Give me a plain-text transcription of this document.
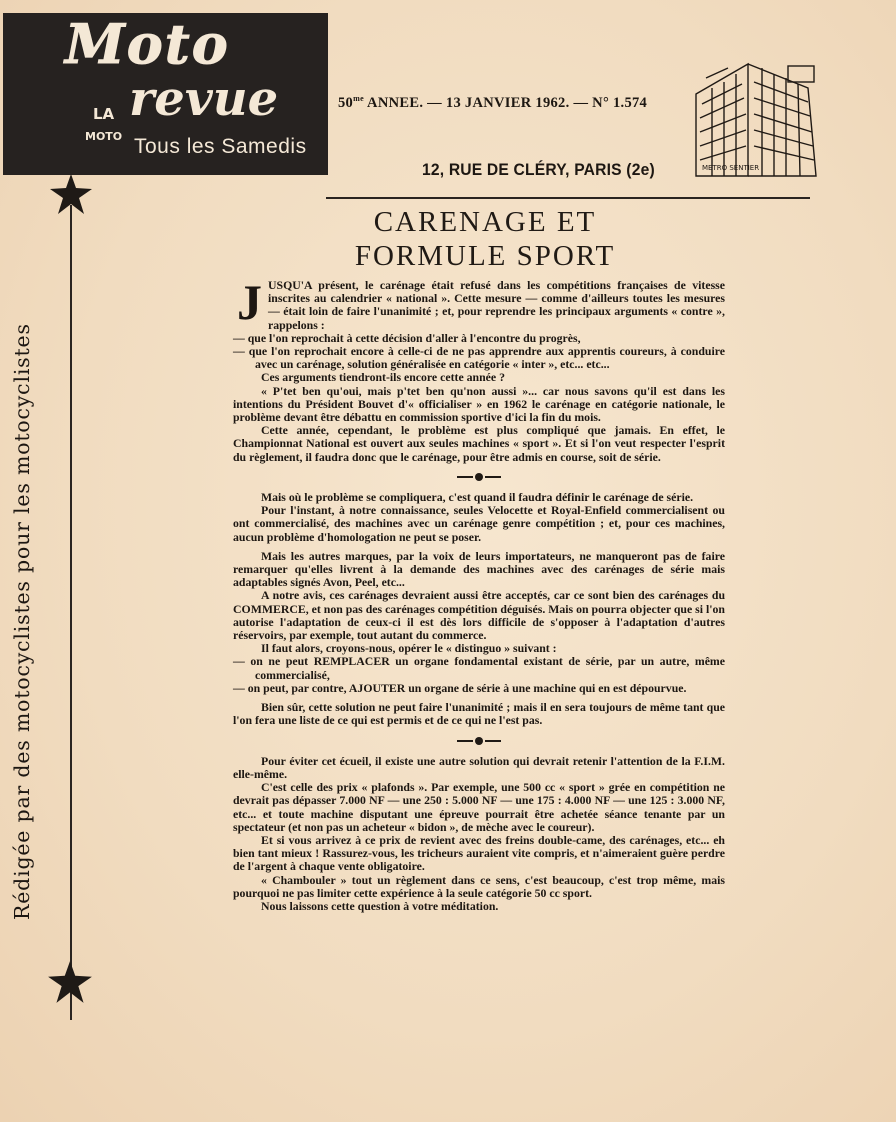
Moto
LA revue
MOTO Tous les Samedis
$50^{me}$ ANNEE. — 13 JANVIER 1962. — N° 1.574
12, RUE DE CLÉRY, PARIS (2e)	METRO SENTIER
Rédigée par des motocyclistes pour les motocyclistes
CARENAGE ET
FORMULE SPORT

JUSQU'A présent, le carénage était refusé dans les compétitions françaises de vitesse inscrites au calendrier « national ». Cette mesure — comme d'ailleurs toutes les mesures — était loin de faire l'unanimité ; et, pour reprendre les principaux arguments « contre », rappelons :

— que l'on reprochait à cette décision d'aller à l'encontre du progrès,

— que l'on reprochait encore à celle-ci de ne pas apprendre aux apprentis coureurs, à conduire avec un carénage, solution généralisée en catégorie « inter », etc... etc...

Ces arguments tiendront-ils encore cette année ?

« P'tet ben qu'oui, mais p'tet ben qu'non aussi »... car nous savons qu'il est dans les intentions du Président Bouvet d'« officialiser » en 1962 le carénage en catégorie nationale, le problème devant être débattu en commission sportive d'ici la fin du mois.

Cette année, cependant, le problème est plus compliqué que jamais. En effet, le Championnat National est ouvert aux seules machines « sport ». Et si l'on veut respecter l'esprit du règlement, il faudra donc que le carénage, pour être admis en course, soit de série.

Mais où le problème se compliquera, c'est quand il faudra définir le carénage de série.

Pour l'instant, à notre connaissance, seules Velocette et Royal-Enfield commercialisent ou ont commercialisé, des machines avec un carénage genre compétition ; et, pour ces machines, aucun problème d'homologation ne peut se poser.

Mais les autres marques, par la voix de leurs importateurs, ne manqueront pas de faire remarquer qu'elles livrent à la demande des machines avec des carénages de série mais adaptables signés Avon, Peel, etc...

A notre avis, ces carénages devraient aussi être acceptés, car ce sont bien des carénages du COMMERCE, et non pas des carénages compétition déguisés. Mais on pourra objecter que si l'on autorise l'adaptation de ceux-ci il est dès lors difficile de s'opposer à l'adaptation d'autres réservoirs, par exemple, tout autant du commerce.

Il faut alors, croyons-nous, opérer le « distinguo » suivant :

— on ne peut REMPLACER un organe fondamental existant de série, par un autre, même commercialisé,

— on peut, par contre, AJOUTER un organe de série à une machine qui en est dépourvue.

Bien sûr, cette solution ne peut faire l'unanimité ; mais il en sera toujours de même tant que l'on fera une liste de ce qui est permis et de ce qui ne l'est pas.

Pour éviter cet écueil, il existe une autre solution qui devrait retenir l'attention de la F.I.M. elle-même.

C'est celle des prix « plafonds ». Par exemple, une 500 cc « sport » grée en compétition ne devrait pas dépasser 7.000 NF — une 250 : 5.000 NF — une 175 : 4.000 NF — une 125 : 3.000 NF, etc... et toute machine disputant une épreuve pourrait être achetée séance tenante par un spectateur (et non pas un acheteur « bidon », de mèche avec le coureur).

Et si vous arrivez à ce prix de revient avec des freins double-came, des carénages, etc... eh bien tant mieux ! Rassurez-vous, les tricheurs auraient vite compris, et n'aimeraient guère perdre de l'argent à chaque vente obligatoire.

« Chambouler » tout un règlement dans ce sens, c'est beaucoup, c'est trop même, mais pourquoi ne pas limiter cette expérience à la seule catégorie 50 cc sport.

Nous laissons cette question à votre méditation.
